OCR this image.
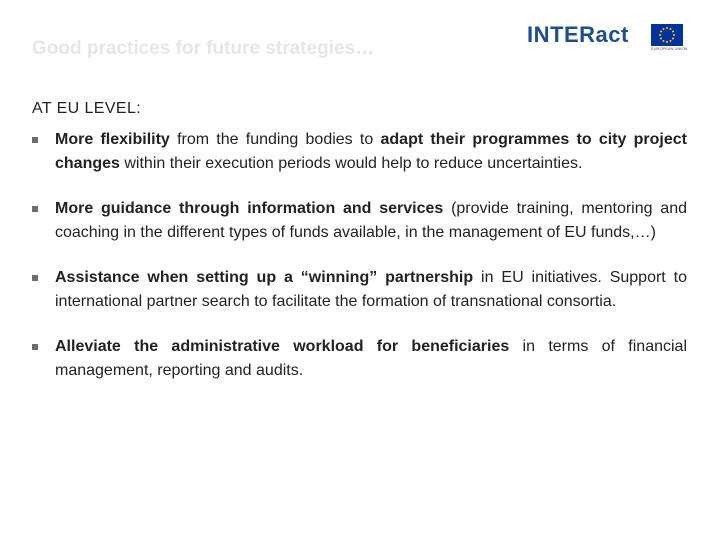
Good practices for future strategies…
INTERact
EUROPEAN UNION
AT EU LEVEL:
More flexibility from the funding bodies to adapt their programmes to city project changes within their execution periods would help to reduce uncertainties.
More guidance through information and services (provide training, mentoring and coaching in the different types of funds available, in the management of EU funds,…)
Assistance when setting up a “winning” partnership in EU initiatives. Support to international partner search to facilitate the formation of transnational consortia.
Alleviate the administrative workload for beneficiaries in terms of financial management, reporting and audits.
